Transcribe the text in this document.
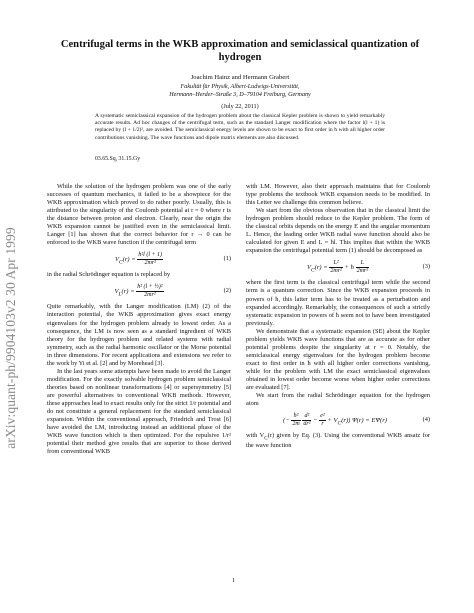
arXiv:quant-ph/9904103v2 30 Apr 1999
Centrifugal terms in the WKB approximation and semiclassical quantization of hydrogen
Joachim Hainz and Hermann Grabert
Fakultät für Physik, Albert-Ludwigs-Universität,
Hermann–Herder–Straße 3, D–79104 Freiburg, Germany
(July 22, 2011)
A systematic semiclassical expansion of the hydrogen problem about the classical Kepler problem is shown to yield remarkably accurate results. Ad hoc changes of the centrifugal term, such as the standard Langer modification where the factor l(l + 1) is replaced by (l + 1/2)², are avoided. The semiclassical energy levels are shown to be exact to first order in ħ with all higher order contributions vanishing. The wave functions and dipole matrix elements are also discussed.
03.65.Sq, 31.15.Gy

While the solution of the hydrogen problem was one of the early successes of quantum mechanics, it failed to be a showpiece for the WKB approximation which proved to do rather poorly. Usually, this is attributed to the singularity of the Coulomb potential at r = 0 where r is the distance between proton and electron. Clearly, near the origin the WKB expansion cannot be justified even in the semiclassical limit. Langer [1] has shown that the correct behavior for r → 0 can be enforced to the WKB wave function if the centrifugal term

$V_C(r) = \frac{\text{ħ²l (l + 1)}}{\text{2mr²}}$	(1)

in the radial Schrödinger equation is replaced by

$V_L(r) = \frac{\text{ħ² (l + ½)²}}{\text{2mr²}}$	(2)

Quite remarkably, with the Langer modification (LM) (2) of the interaction potential, the WKB approximation gives exact energy eigenvalues for the hydrogen problem already to lowest order. As a consequence, the LM is now seen as a standard ingredient of WKB theory for the hydrogen problem and related systems with radial symmetry, such as the radial harmonic oscillator or the Morse potential in three dimensions. For recent applications and extensions we refer to the work by Yi et al. [2] and by Morehead [3].

In the last years some attempts have been made to avoid the Langer modification. For the exactly solvable hydrogen problem semiclassical theories based on nonlinear transformations [4] or supersymmetry [5] are powerful alternatives to conventional WKB methods. However, these approaches lead to exact results only for the strict 1/r potential and do not constitute a general replacement for the standard semiclassical expansion. Within the conventional approach, Friedrich and Trost [6] have avoided the LM, introducing instead an additional phase of the WKB wave function which is then optimized. For the repulsive 1/r² potential their method give results that are superior to those derived from conventional WKB

with LM. However, also their approach maintains that for Coulomb type problems the textbook WKB expansion needs to be modified. In this Letter we challenge this common believe.

We start from the obvious observation that in the classical limit the hydrogen problem should reduce to the Kepler problem. The form of the classical orbits depends on the energy E and the angular momentum L. Hence, the leading order WKB radial wave function should also be calculated for given E and L = ħl. This implies that within the WKB expansion the centrifugal potential term (1) should be decomposed as

$V_C(r) = \frac{\text{L²}}{\text{2mr²}}$ + ħ $\frac{L}{\text{2mr²}}$	(3)

where the first term is the classical centrifugal term while the second term is a quantum correction. Since the WKB expansion proceeds in powers of ħ, this latter term has to be treated as a perturbation and expanded accordingly. Remarkably, the consequences of such a strictly systematic expansion in powers of ħ seem not to have been investigated previously.

We demonstrate that a systematic expansion (SE) about the Kepler problem yields WKB wave functions that are as accurate as for other potential problems despite the singularity at r = 0. Notably, the semiclassical energy eigenvalues for the hydrogen problem become exact to first order in ħ with all higher order corrections vanishing, while for the problem with LM the exact semiclassical eigenvalues obtained in lowest order become worse when higher order corrections are evaluated [7].

We start from the radial Schrödinger equation for the hydrogen atom

(− $\frac{\text{ħ²}}{2m}$
$\frac{\text{d²}}{\text{dr²}} - \frac{\text{e²}}{r} + V_C(r)$) Ψ(r) = EΨ(r)	(4)

with $V_C(r)$ given by Eq. (3). Using the conventional WKB ansatz for the wave function

1
